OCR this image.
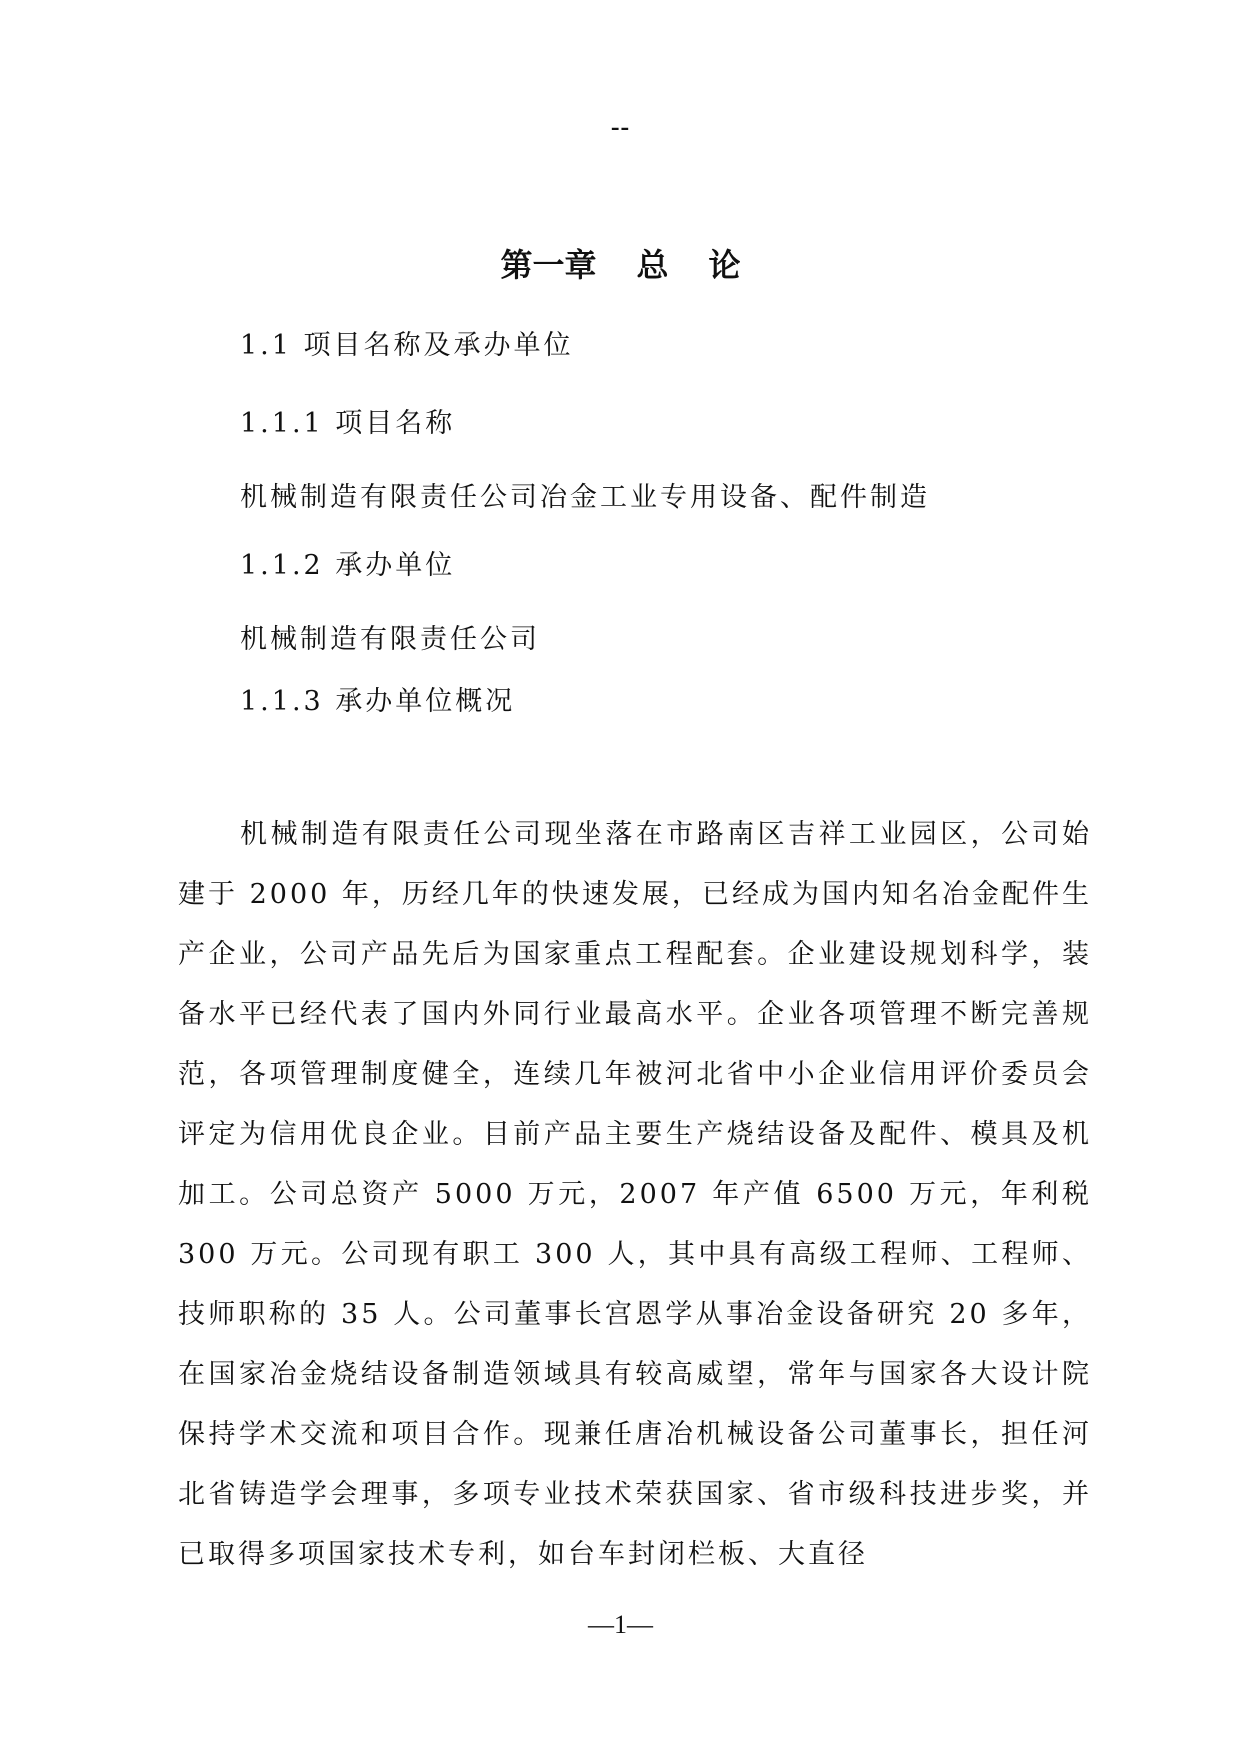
--
第一章 总 论
1.1 项目名称及承办单位
1.1.1 项目名称
机械制造有限责任公司冶金工业专用设备、配件制造
1.1.2 承办单位
机械制造有限责任公司
1.1.3 承办单位概况

机械制造有限责任公司现坐落在市路南区吉祥工业园区，公司始建于 2000 年，历经几年的快速发展，已经成为国内知名冶金配件生产企业，公司产品先后为国家重点工程配套。企业建设规划科学，装备水平已经代表了国内外同行业最高水平。企业各项管理不断完善规范，各项管理制度健全，连续几年被河北省中小企业信用评价委员会评定为信用优良企业。目前产品主要生产烧结设备及配件、模具及机加工。公司总资产 5000 万元，2007 年产值 6500 万元，年利税 300 万元。公司现有职工 300 人，其中具有高级工程师、工程师、技师职称的 35 人。公司董事长宫恩学从事冶金设备研究 20 多年，在国家冶金烧结设备制造领域具有较高威望，常年与国家各大设计院保持学术交流和项目合作。现兼任唐冶机械设备公司董事长，担任河北省铸造学会理事，多项专业技术荣获国家、省市级科技进步奖，并已取得多项国家技术专利，如台车封闭栏板、大直径

—1—
